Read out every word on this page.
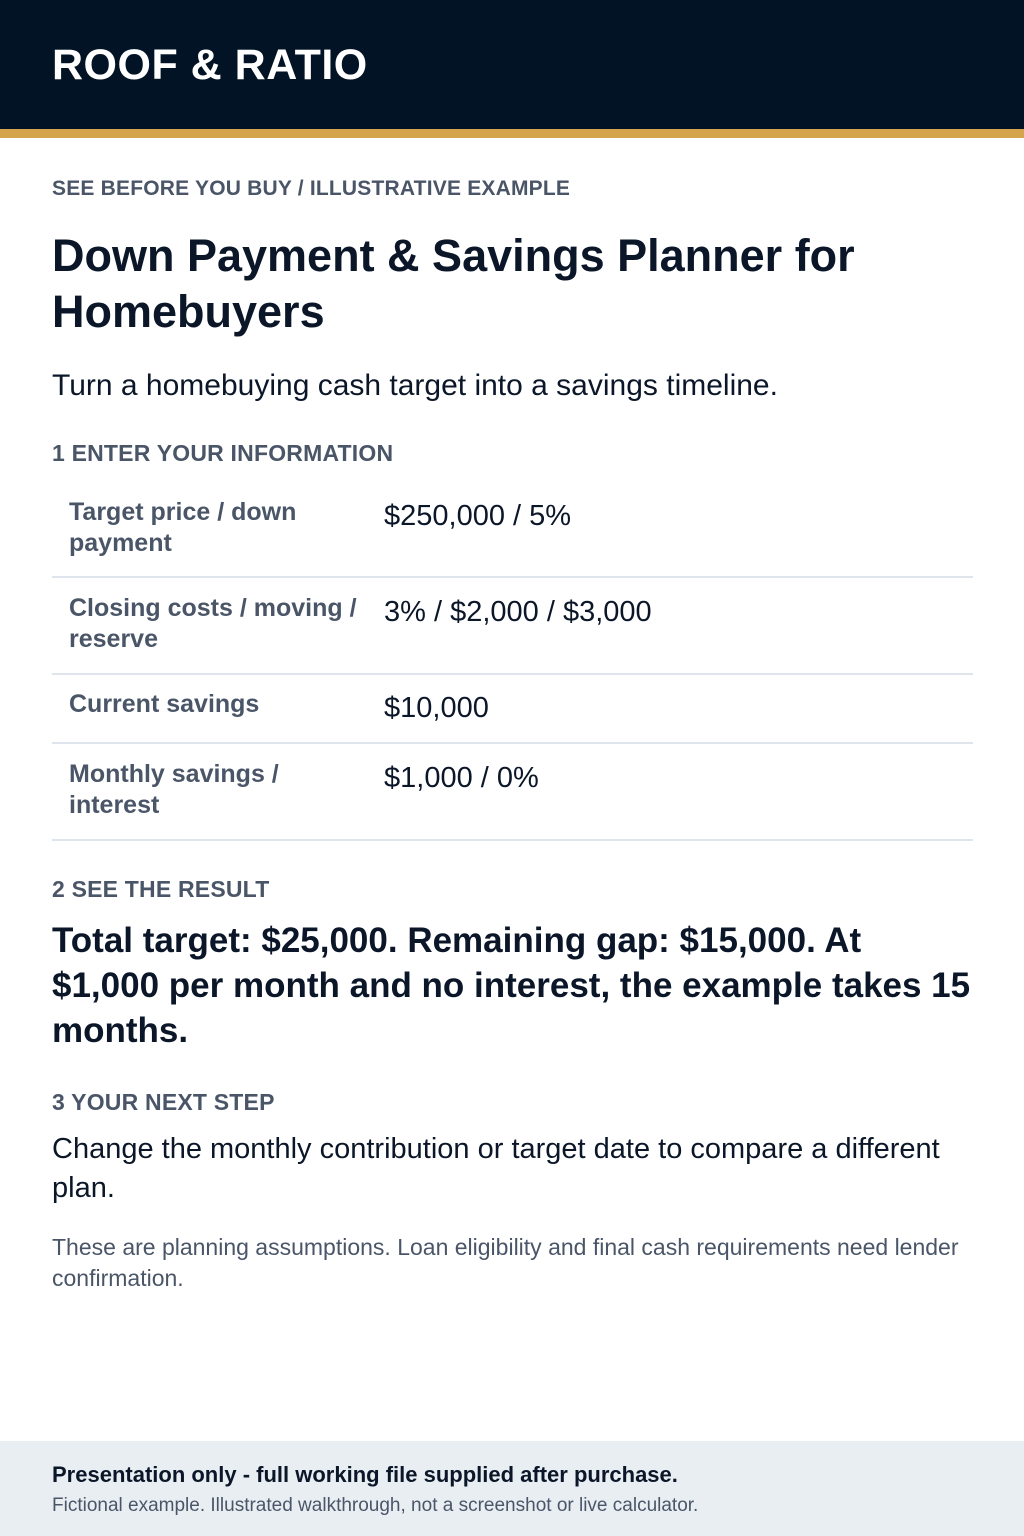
ROOF & RATIO

SEE BEFORE YOU BUY / ILLUSTRATIVE EXAMPLE

Down Payment & Savings Planner for Homebuyers

Turn a homebuying cash target into a savings timeline.

1 ENTER YOUR INFORMATION
Target price / down payment
$250,000 / 5%
Closing costs / moving / reserve
3% / $2,000 / $3,000
Current savings	$10,000
Monthly savings / interest
$1,000 / 0%
2 SEE THE RESULT

Total target: $25,000. Remaining gap: $15,000. At $1,000 per month and no interest, the example takes 15 months.

3 YOUR NEXT STEP

Change the monthly contribution or target date to compare a different plan.

These are planning assumptions. Loan eligibility and final cash requirements need lender confirmation.

Presentation only - full working file supplied after purchase.

Fictional example. Illustrated walkthrough, not a screenshot or live calculator.
